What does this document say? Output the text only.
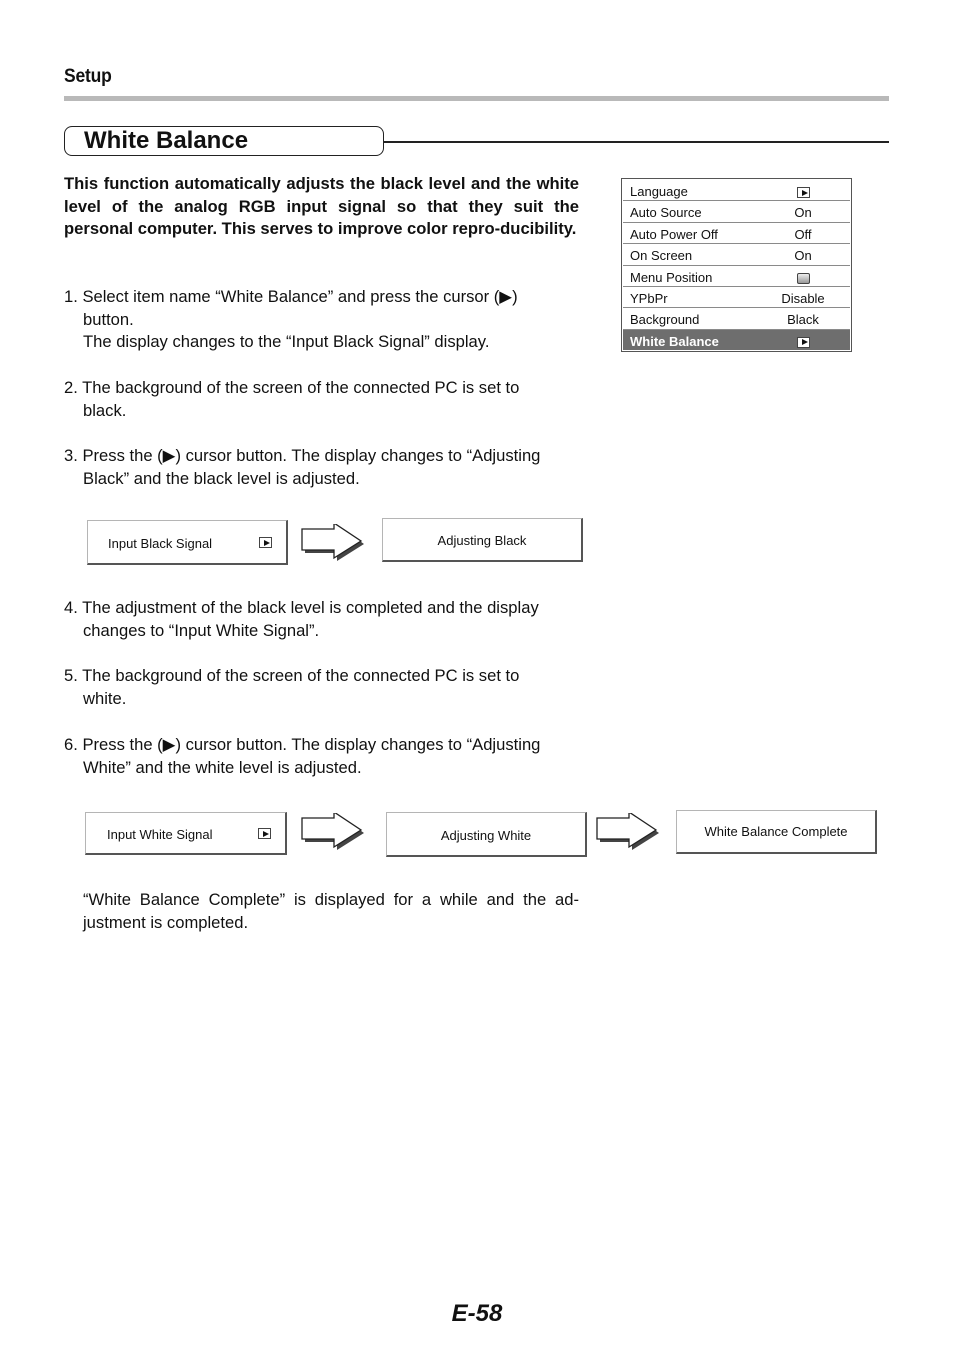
Setup
White Balance
This function automatically adjusts the black level and the white level of the analog RGB input signal so that they suit the personal computer. This serves to improve color repro-ducibility.
1. Select item name “White Balance” and press the cursor (▶)
button.
The display changes to the “Input Black Signal” display.
2. The background of the screen of the connected PC is set to
black.
3. Press the (▶) cursor button. The display changes to “Adjusting
Black” and the black level is adjusted.
Input Black Signal	Adjusting Black
4. The adjustment of the black level is completed and the display
changes to “Input White Signal”.
5. The background of the screen of the connected PC is set to
white.
6. Press the (▶) cursor button. The display changes to “Adjusting
White” and the white level is adjusted.
Input White Signal	Adjusting White	White Balance Complete
“White Balance Complete” is displayed for a while and the ad-justment is completed.
Language
Auto Source	On
Auto Power Off	Off
On Screen	On
Menu Position
YPbPr	Disable
Background	Black
White Balance
E-58
